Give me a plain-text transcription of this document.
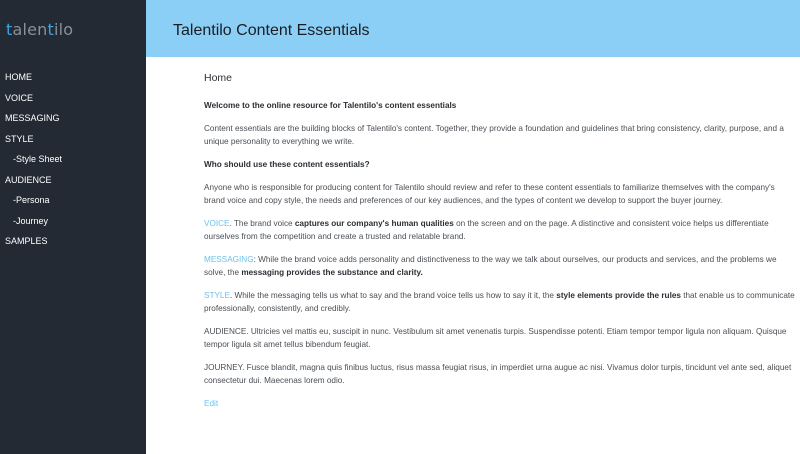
talentilo
HOME
VOICE
MESSAGING
STYLE
-Style Sheet
AUDIENCE
-Persona
-Journey
SAMPLES
Talentilo Content Essentials
Home

Welcome to the online resource for Talentilo's content essentials

Content essentials are the building blocks of Talentilo's content. Together, they provide a foundation and guidelines that bring consistency, clarity, purpose, and a unique personality to everything we write.

Who should use these content essentials?

Anyone who is responsible for producing content for Talentilo should review and refer to these content essentials to familiarize themselves with the company's brand voice and copy style, the needs and preferences of our key audiences, and the types of content we develop to support the buyer journey.

VOICE. The brand voice captures our company's human qualities on the screen and on the page. A distinctive and consistent voice helps us differentiate ourselves from the competition and create a trusted and relatable brand.

MESSAGING: While the brand voice adds personality and distinctiveness to the way we talk about ourselves, our products and services, and the problems we solve, the messaging provides the substance and clarity.

STYLE. While the messaging tells us what to say and the brand voice tells us how to say it it, the style elements provide the rules that enable us to communicate professionally, consistently, and credibly.

AUDIENCE. Ultricies vel mattis eu, suscipit in nunc. Vestibulum sit amet venenatis turpis. Suspendisse potenti. Etiam tempor tempor ligula non aliquam. Quisque tempor ligula sit amet tellus bibendum feugiat.

JOURNEY. Fusce blandit, magna quis finibus luctus, risus massa feugiat risus, in imperdiet urna augue ac nisi. Vivamus dolor turpis, tincidunt vel ante sed, aliquet consectetur dui. Maecenas lorem odio.

Edit
